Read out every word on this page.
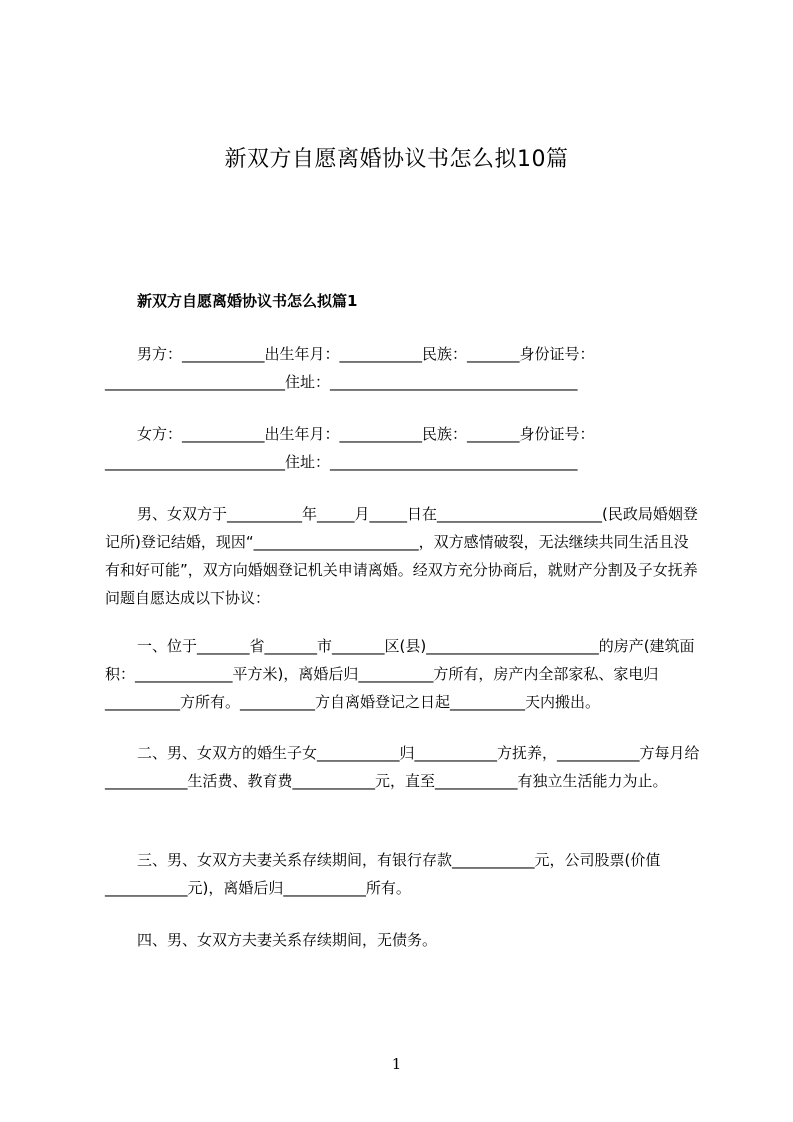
新双方自愿离婚协议书怎么拟10篇
新双方自愿离婚协议书怎么拟篇1
男方：___________出生年月：___________民族：_______身份证号：________________________住址：_________________________________
女方：___________出生年月：___________民族：_______身份证号：________________________住址：_________________________________
男、女双方于__________年_____月_____日在______________________(民政局婚姻登记所)登记结婚，现因“______________________，双方感情破裂，无法继续共同生活且没有和好可能”，双方向婚姻登记机关申请离婚。经双方充分协商后，就财产分割及子女抚养问题自愿达成以下协议：
一、位于_______省_______市_______区(县)_______________________的房产(建筑面积：_____________平方米)，离婚后归__________方所有，房产内全部家私、家电归__________方所有。__________方自离婚登记之日起__________天内搬出。
二、男、女双方的婚生子女___________归___________方抚养，___________方每月给___________生活费、教育费___________元，直至___________有独立生活能力为止。
三、男、女双方夫妻关系存续期间，有银行存款___________元，公司股票(价值___________元)，离婚后归___________所有。
四、男、女双方夫妻关系存续期间，无债务。
1
